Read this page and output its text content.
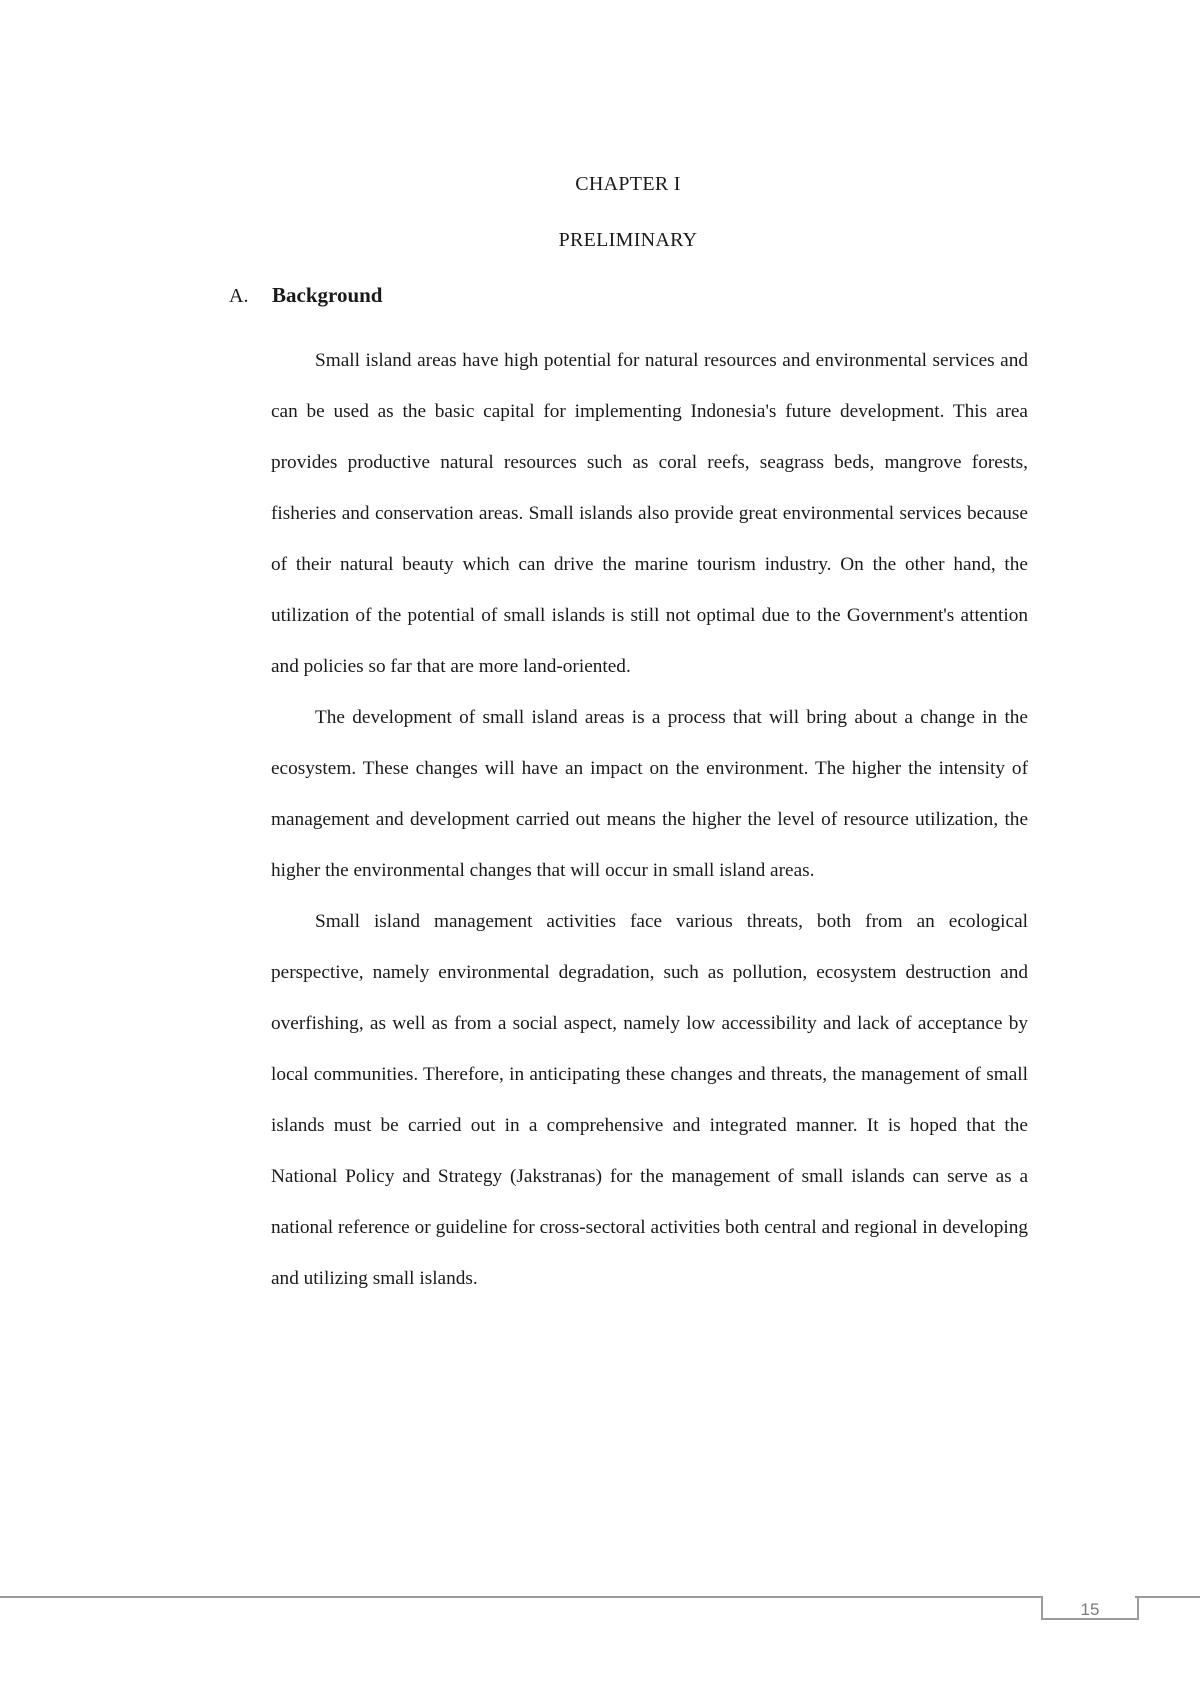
CHAPTER I
PRELIMINARY
A. Background

Small island areas have high potential for natural resources and environmental services and can be used as the basic capital for implementing Indonesia's future development. This area provides productive natural resources such as coral reefs, seagrass beds, mangrove forests, fisheries and conservation areas. Small islands also provide great environmental services because of their natural beauty which can drive the marine tourism industry. On the other hand, the utilization of the potential of small islands is still not optimal due to the Government's attention and policies so far that are more land-oriented.

The development of small island areas is a process that will bring about a change in the ecosystem. These changes will have an impact on the environment. The higher the intensity of management and development carried out means the higher the level of resource utilization, the higher the environmental changes that will occur in small island areas.

Small island management activities face various threats, both from an ecological perspective, namely environmental degradation, such as pollution, ecosystem destruction and overfishing, as well as from a social aspect, namely low accessibility and lack of acceptance by local communities. Therefore, in anticipating these changes and threats, the management of small islands must be carried out in a comprehensive and integrated manner. It is hoped that the National Policy and Strategy (Jakstranas) for the management of small islands can serve as a national reference or guideline for cross-sectoral activities both central and regional in developing and utilizing small islands.

15
